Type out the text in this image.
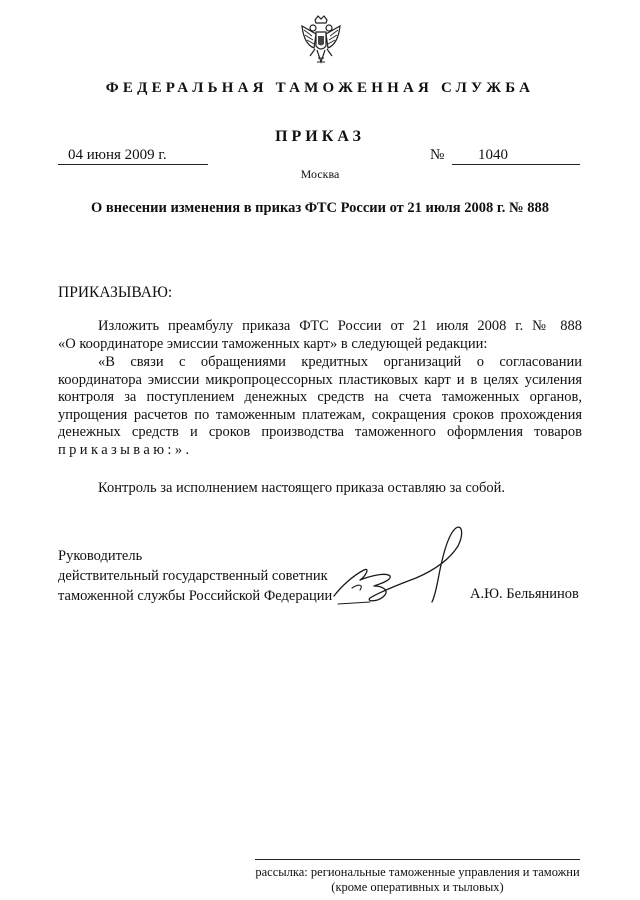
ФЕДЕРАЛЬНАЯ ТАМОЖЕННАЯ СЛУЖБА
ПРИКАЗ
04 июня 2009 г.	№	1040
Москва
О внесении изменения в приказ ФТС России от 21 июля 2008 г. № 888
ПРИКАЗЫВАЮ:
Изложить преамбулу приказа ФТС России от 21 июля 2008 г. № 888
«О координаторе эмиссии таможенных карт» в следующей редакции:
«В связи с обращениями кредитных организаций о согласовании
координатора эмиссии микропроцессорных пластиковых карт и в целях усиления
контроля за поступлением денежных средств на счета таможенных органов,
упрощения расчетов по таможенным платежам, сокращения сроков прохождения
денежных средств и сроков производства таможенного оформления товаров
приказываю:».
Контроль за исполнением настоящего приказа оставляю за собой.
Руководитель
действительный государственный советник
таможенной службы Российской Федерации	А.Ю. Бельянинов
рассылка: региональные таможенные управления и таможни
(кроме оперативных и тыловых)
